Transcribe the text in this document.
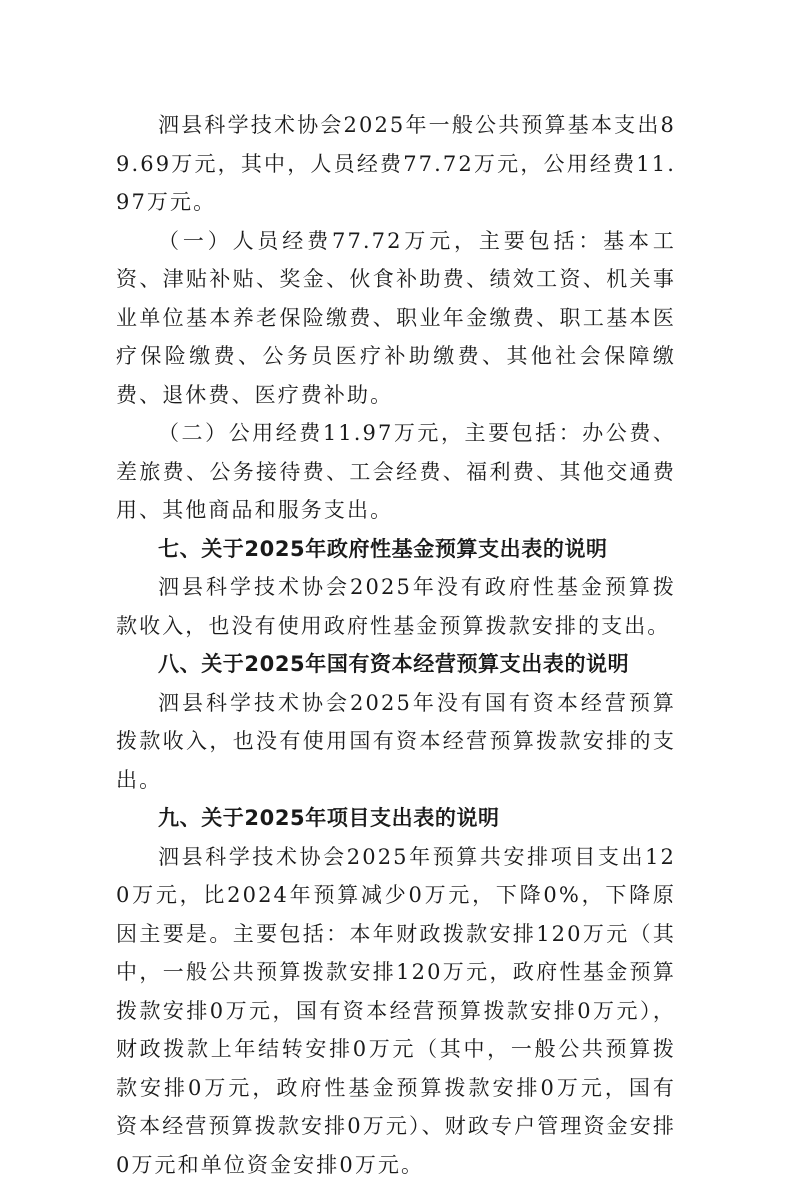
泗县科学技术协会2025年一般公共预算基本支出89.69万元，其中，人员经费77.72万元，公用经费11.97万元。

（一）人员经费77.72万元，主要包括：基本工资、津贴补贴、奖金、伙食补助费、绩效工资、机关事业单位基本养老保险缴费、职业年金缴费、职工基本医疗保险缴费、公务员医疗补助缴费、其他社会保障缴费、退休费、医疗费补助。

（二）公用经费11.97万元，主要包括：办公费、差旅费、公务接待费、工会经费、福利费、其他交通费用、其他商品和服务支出。

七、关于2025年政府性基金预算支出表的说明

泗县科学技术协会2025年没有政府性基金预算拨款收入，也没有使用政府性基金预算拨款安排的支出。

八、关于2025年国有资本经营预算支出表的说明

泗县科学技术协会2025年没有国有资本经营预算拨款收入，也没有使用国有资本经营预算拨款安排的支出。

九、关于2025年项目支出表的说明

泗县科学技术协会2025年预算共安排项目支出120万元，比2024年预算减少0万元，下降0%，下降原因主要是。主要包括：本年财政拨款安排120万元（其中，一般公共预算拨款安排120万元，政府性基金预算拨款安排0万元，国有资本经营预算拨款安排0万元），财政拨款上年结转安排0万元（其中，一般公共预算拨款安排0万元，政府性基金预算拨款安排0万元，国有资本经营预算拨款安排0万元）、财政专户管理资金安排0万元和单位资金安排0万元。
